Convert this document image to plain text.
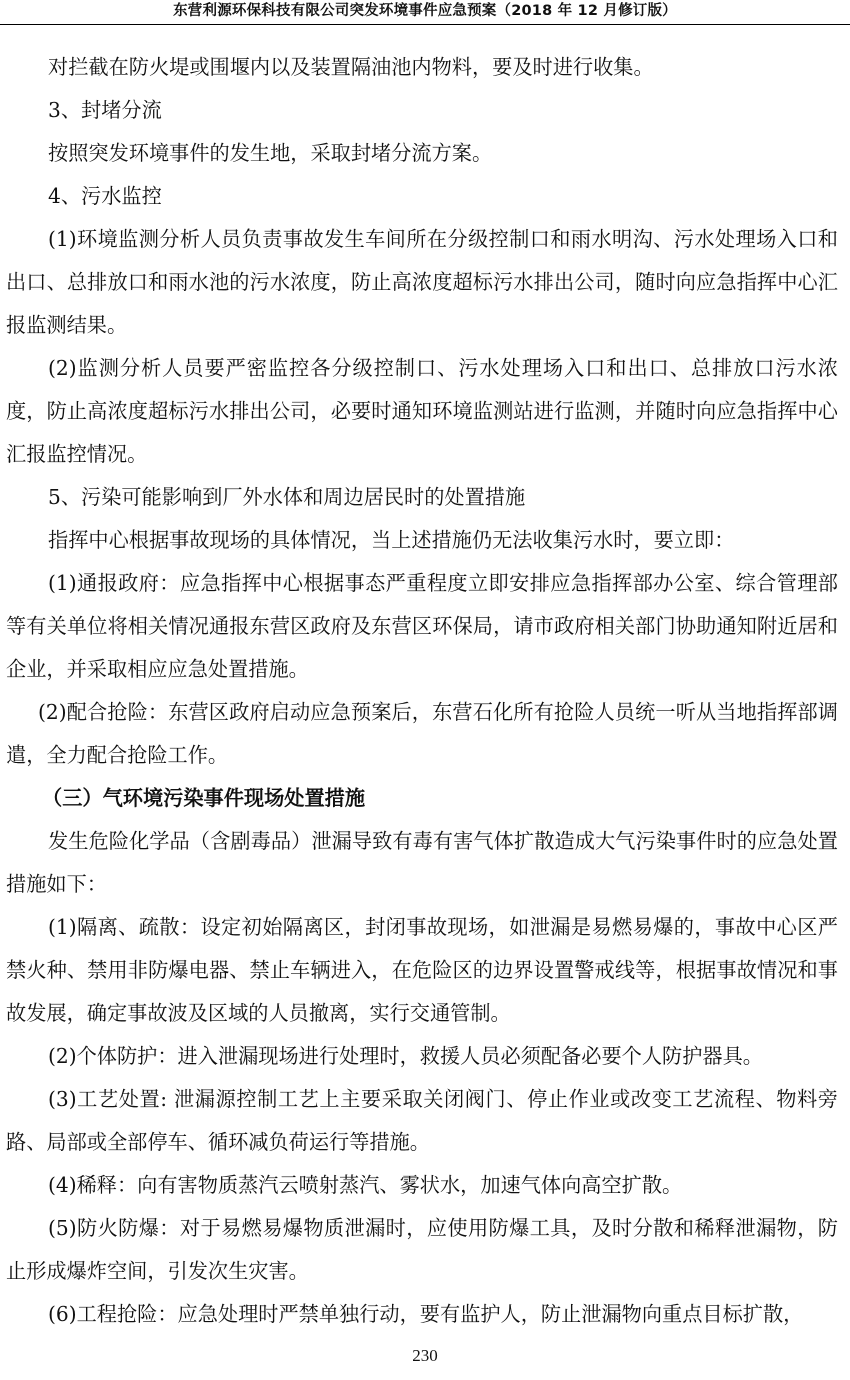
东营利源环保科技有限公司突发环境事件应急预案（2018 年 12 月修订版）

对拦截在防火堤或围堰内以及装置隔油池内物料，要及时进行收集。

3、封堵分流

按照突发环境事件的发生地，采取封堵分流方案。

4、污水监控

(1)环境监测分析人员负责事故发生车间所在分级控制口和雨水明沟、污水处理场入口和出口、总排放口和雨水池的污水浓度，防止高浓度超标污水排出公司，随时向应急指挥中心汇报监测结果。

(2)监测分析人员要严密监控各分级控制口、污水处理场入口和出口、总排放口污水浓度，防止高浓度超标污水排出公司，必要时通知环境监测站进行监测，并随时向应急指挥中心汇报监控情况。

5、污染可能影响到厂外水体和周边居民时的处置措施

指挥中心根据事故现场的具体情况，当上述措施仍无法收集污水时，要立即：

(1)通报政府：应急指挥中心根据事态严重程度立即安排应急指挥部办公室、综合管理部等有关单位将相关情况通报东营区政府及东营区环保局，请市政府相关部门协助通知附近居和企业，并采取相应应急处置措施。

(2)配合抢险：东营区政府启动应急预案后，东营石化所有抢险人员统一听从当地指挥部调遣，全力配合抢险工作。

（三）气环境污染事件现场处置措施

发生危险化学品（含剧毒品）泄漏导致有毒有害气体扩散造成大气污染事件时的应急处置措施如下：

(1)隔离、疏散：设定初始隔离区，封闭事故现场，如泄漏是易燃易爆的，事故中心区严禁火种、禁用非防爆电器、禁止车辆进入，在危险区的边界设置警戒线等，根据事故情况和事故发展，确定事故波及区域的人员撤离，实行交通管制。

(2)个体防护：进入泄漏现场进行处理时，救援人员必须配备必要个人防护器具。

(3)工艺处置: 泄漏源控制工艺上主要采取关闭阀门、停止作业或改变工艺流程、物料旁路、局部或全部停车、循环减负荷运行等措施。

(4)稀释：向有害物质蒸汽云喷射蒸汽、雾状水，加速气体向高空扩散。

(5)防火防爆：对于易燃易爆物质泄漏时，应使用防爆工具，及时分散和稀释泄漏物，防止形成爆炸空间，引发次生灾害。

(6)工程抢险：应急处理时严禁单独行动，要有监护人，防止泄漏物向重点目标扩散，

230
